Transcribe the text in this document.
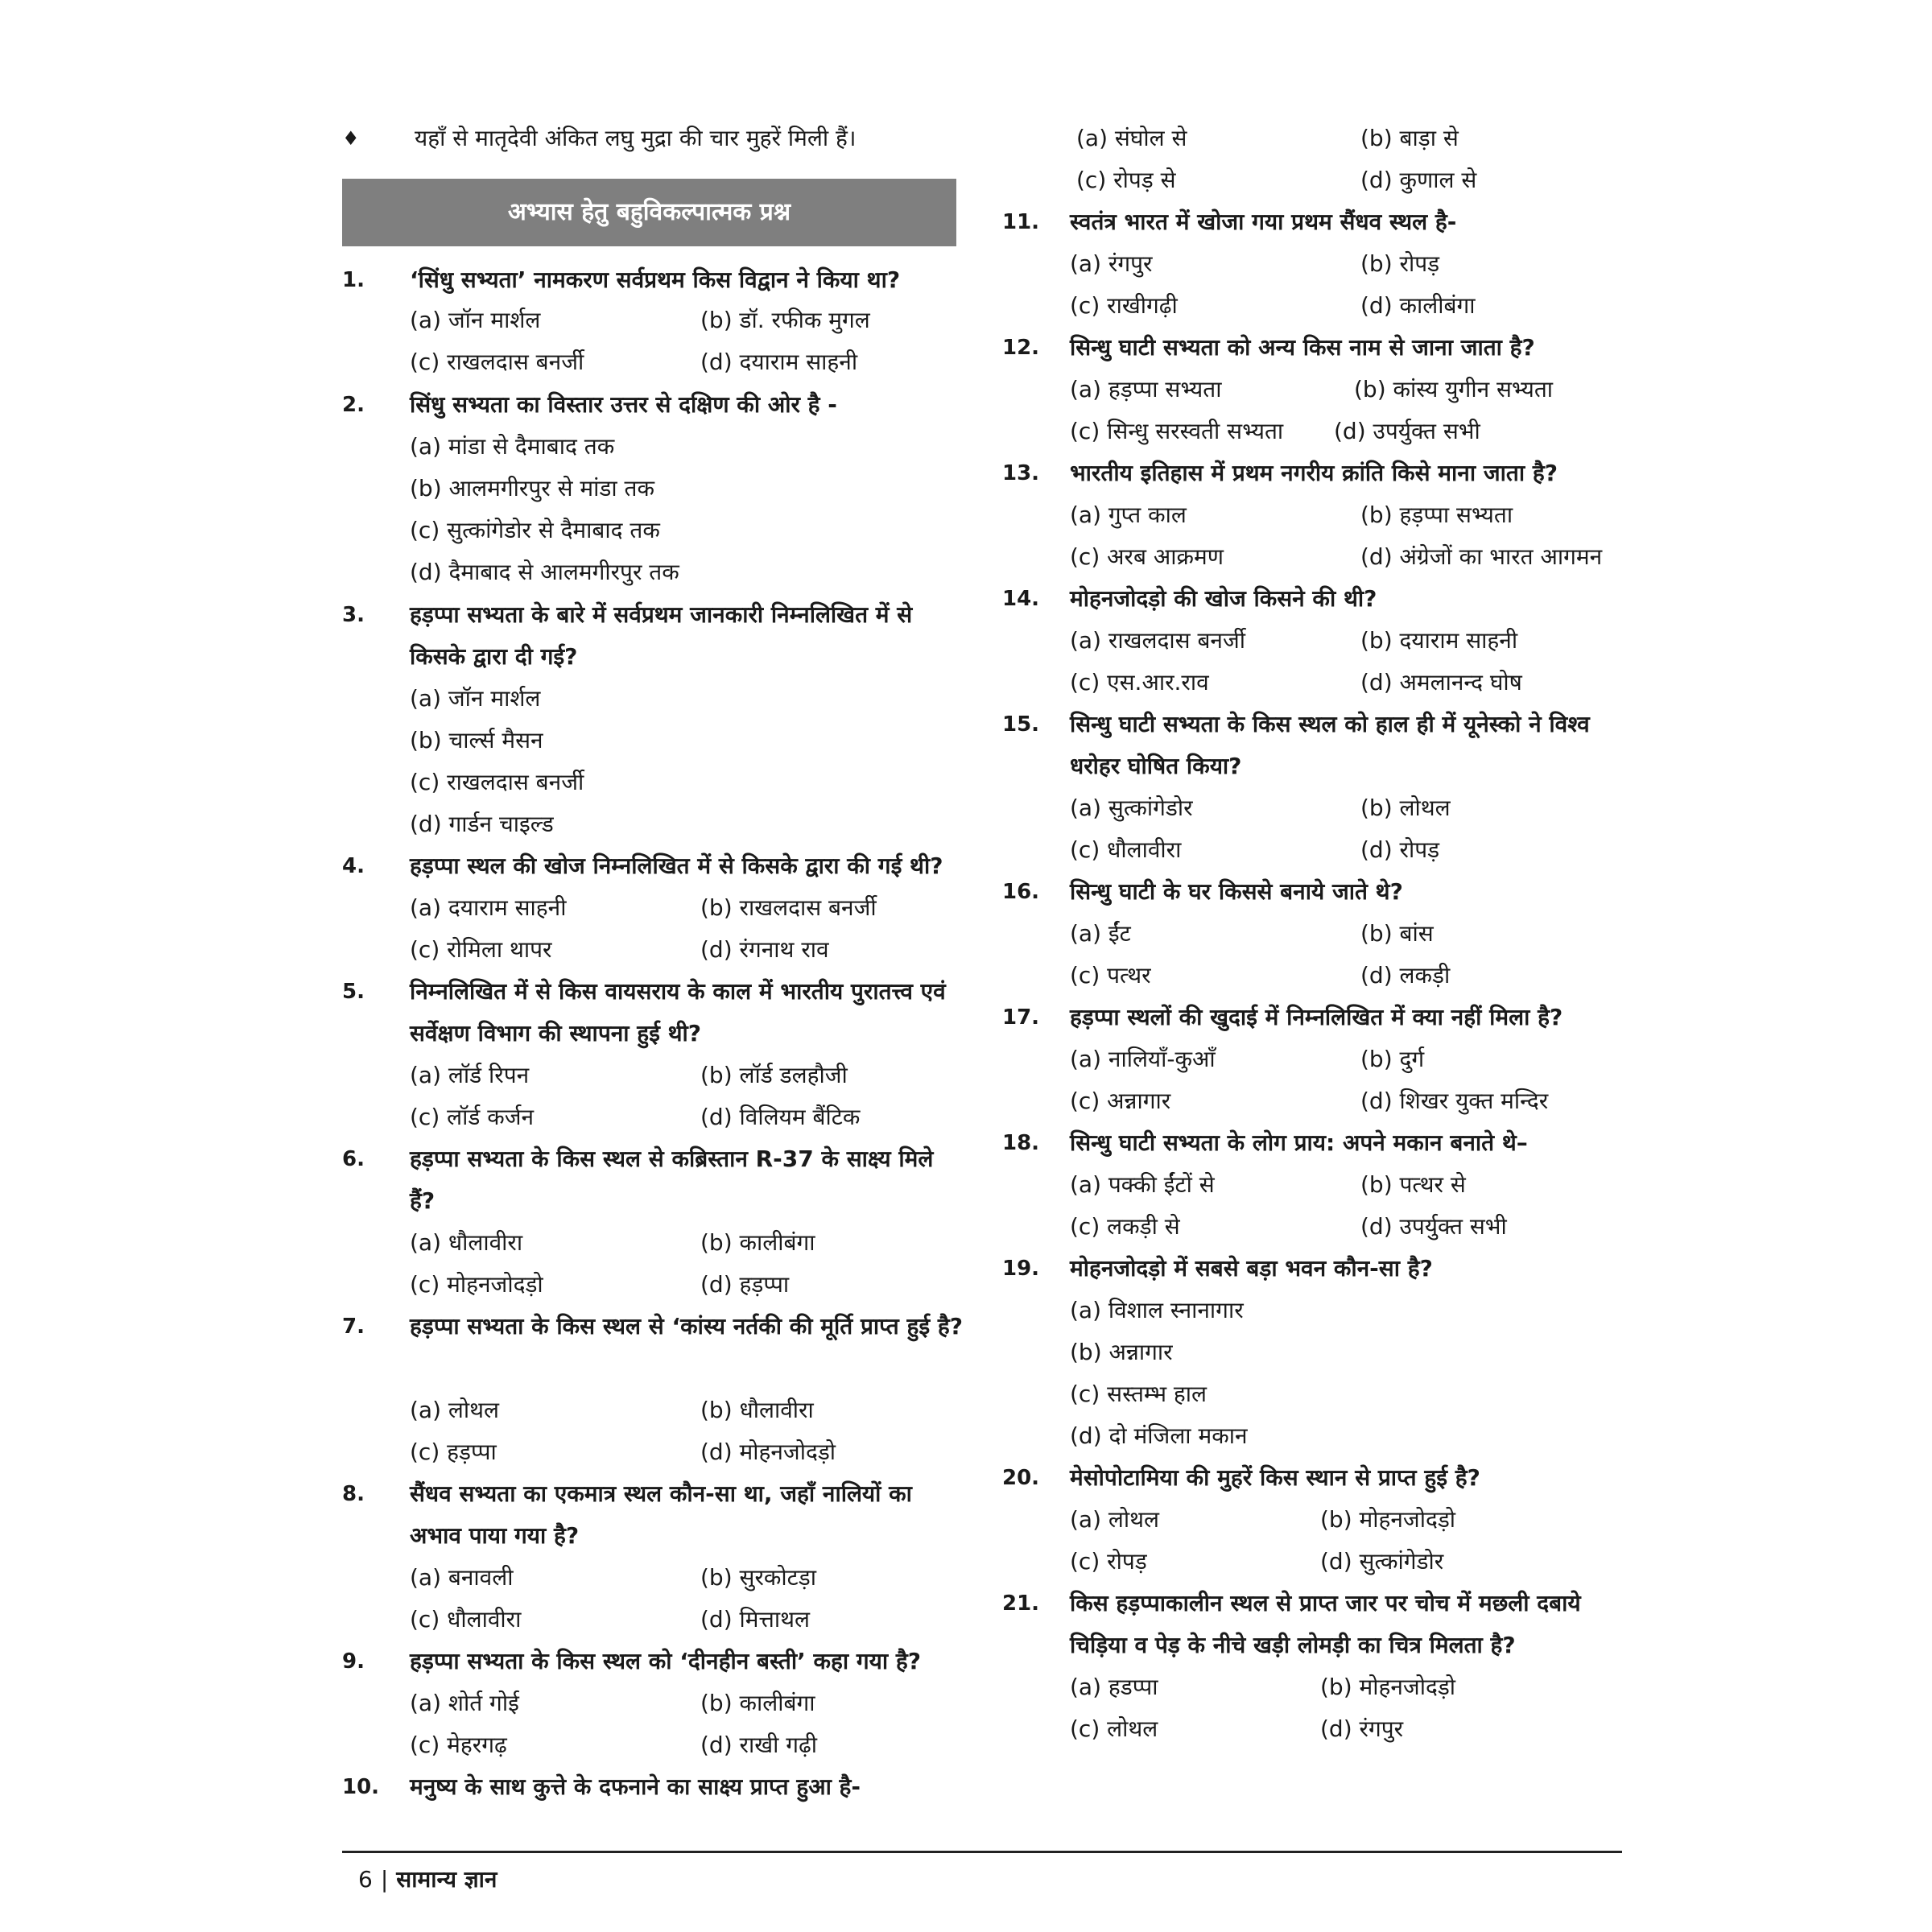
♦ यहाँ से मातृदेवी अंकित लघु मुद्रा की चार मुहरें मिली हैं।
अभ्यास हेतु बहुविकल्पात्मक प्रश्न
1. ‘सिंधु सभ्यता’ नामकरण सर्वप्रथम किस विद्वान ने किया था?
(a) जॉन मार्शल	(b) डॉ. रफीक मुगल
(c) राखलदास बनर्जी	(d) दयाराम साहनी
2. सिंधु सभ्यता का विस्तार उत्तर से दक्षिण की ओर है -
(a) मांडा से दैमाबाद तक
(b) आलमगीरपुर से मांडा तक
(c) सुत्कांगेडोर से दैमाबाद तक
(d) दैमाबाद से आलमगीरपुर तक
3. हड़प्पा सभ्यता के बारे में सर्वप्रथम जानकारी निम्नलिखित में से किसके द्वारा दी गई?
(a) जॉन मार्शल
(b) चार्ल्स मैसन
(c) राखलदास बनर्जी
(d) गार्डन चाइल्ड
4. हड़प्पा स्थल की खोज निम्नलिखित में से किसके द्वारा की गई थी?
(a) दयाराम साहनी	(b) राखलदास बनर्जी
(c) रोमिला थापर	(d) रंगनाथ राव
5. निम्नलिखित में से किस वायसराय के काल में भारतीय पुरातत्त्व एवं सर्वेक्षण विभाग की स्थापना हुई थी?
(a) लॉर्ड रिपन	(b) लॉर्ड डलहौजी
(c) लॉर्ड कर्जन	(d) विलियम बैंटिक
6. हड़प्पा सभ्यता के किस स्थल से कब्रिस्तान R-37 के साक्ष्य मिले हैं?
(a) धौलावीरा	(b) कालीबंगा
(c) मोहनजोदड़ो	(d) हड़प्पा
7. हड़प्पा सभ्यता के किस स्थल से ‘कांस्य नर्तकी की मूर्ति प्राप्त हुई है?
(a) लोथल	(b) धौलावीरा
(c) हड़प्पा	(d) मोहनजोदड़ो
8. सैंधव सभ्यता का एकमात्र स्थल कौन-सा था, जहाँ नालियों का अभाव पाया गया है?
(a) बनावली	(b) सुरकोटड़ा
(c) धौलावीरा	(d) मित्ताथल
9. हड़प्पा सभ्यता के किस स्थल को ‘दीनहीन बस्ती’ कहा गया है?
(a) शोर्त गोई	(b) कालीबंगा
(c) मेहरगढ़	(d) राखी गढ़ी
10. मनुष्य के साथ कुत्ते के दफनाने का साक्ष्य प्राप्त हुआ है-
(a) संघोल से	(b) बाड़ा से
(c) रोपड़ से	(d) कुणाल से
11. स्वतंत्र भारत में खोजा गया प्रथम सैंधव स्थल है-
(a) रंगपुर	(b) रोपड़
(c) राखीगढ़ी	(d) कालीबंगा
12. सिन्धु घाटी सभ्यता को अन्य किस नाम से जाना जाता है?
(a) हड़प्पा सभ्यता	(b) कांस्य युगीन सभ्यता
(c) सिन्धु सरस्वती सभ्यता (d) उपर्युक्त सभी
13. भारतीय इतिहास में प्रथम नगरीय क्रांति किसे माना जाता है?
(a) गुप्त काल	(b) हड़प्पा सभ्यता
(c) अरब आक्रमण	(d) अंग्रेजों का भारत आगमन
14. मोहनजोदड़ो की खोज किसने की थी?
(a) राखलदास बनर्जी	(b) दयाराम साहनी
(c) एस.आर.राव	(d) अमलानन्द घोष
15. सिन्धु घाटी सभ्यता के किस स्थल को हाल ही में यूनेस्को ने विश्व धरोहर घोषित किया?
(a) सुत्कांगेडोर	(b) लोथल
(c) धौलावीरा	(d) रोपड़
16. सिन्धु घाटी के घर किससे बनाये जाते थे?
(a) ईंट	(b) बांस
(c) पत्थर	(d) लकड़ी
17. हड़प्पा स्थलों की खुदाई में निम्नलिखित में क्या नहीं मिला है?
(a) नालियाँ-कुआँ	(b) दुर्ग
(c) अन्नागार	(d) शिखर युक्त मन्दिर
18. सिन्धु घाटी सभ्यता के लोग प्राय: अपने मकान बनाते थे–
(a) पक्की ईंटों से	(b) पत्थर से
(c) लकड़ी से	(d) उपर्युक्त सभी
19. मोहनजोदड़ो में सबसे बड़ा भवन कौन-सा है?
(a) विशाल स्नानागार
(b) अन्नागार
(c) सस्तम्भ हाल
(d) दो मंजिला मकान
20. मेसोपोटामिया की मुहरें किस स्थान से प्राप्त हुई है?
(a) लोथल	(b) मोहनजोदड़ो
(c) रोपड़	(d) सुत्कांगेडोर
21. किस हड़प्पाकालीन स्थल से प्राप्त जार पर चोच में मछली दबाये चिड़िया व पेड़ के नीचे खड़ी लोमड़ी का चित्र मिलता है?
(a) हडप्पा	(b) मोहनजोदड़ो
(c) लोथल	(d) रंगपुर
6 | सामान्य ज्ञान
